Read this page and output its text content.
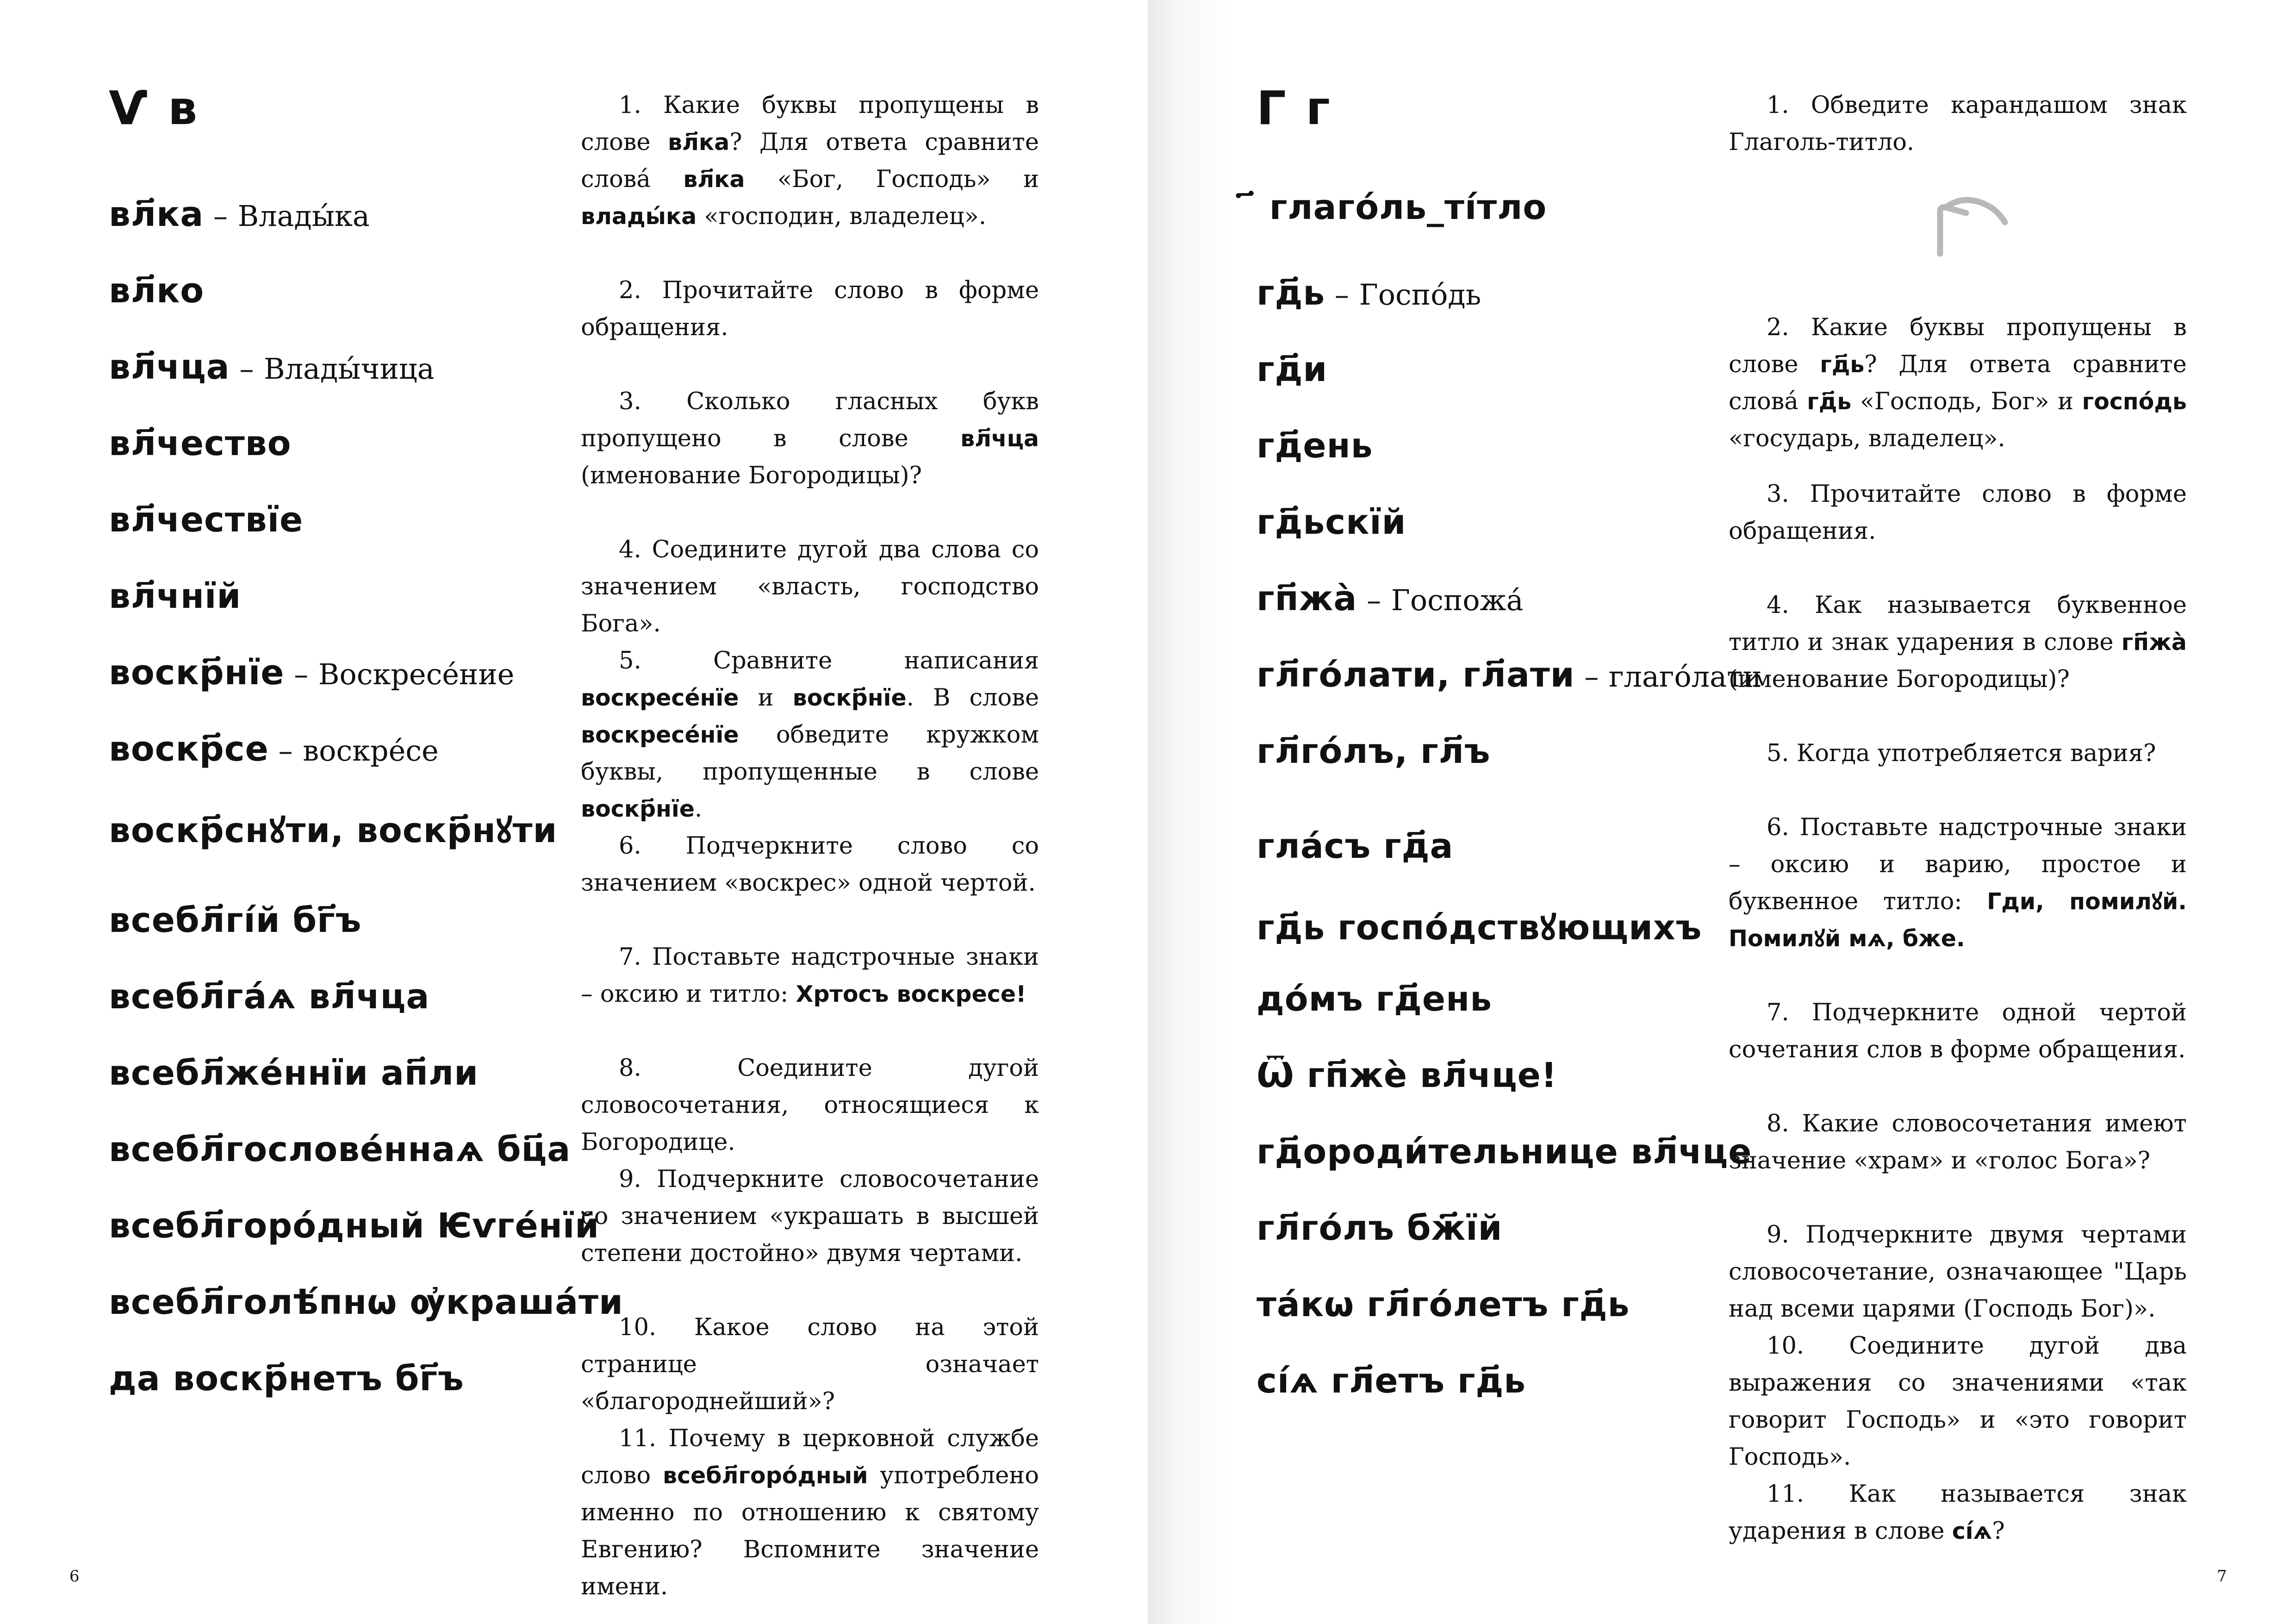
Ѵ в
вл҃ка – Влады́ка
вл҃ко
вл҃чца – Влады́чица
вл҃чество
вл҃чествїе
вл҃чнїй
воскр҃нїе – Воскресе́ние
воскр҃се – воскре́се
воскр҃снꙋти, воскр҃нꙋти
всебл҃гі́й бг҃ъ
всебл҃га́ѧ вл҃чца
всебл҃же́ннїи ап҃ли
всебл҃гослове́ннаѧ бц҃а
всебл҃горо́дный Ѥѵге́нїй
всебл҃голѣ́пнѡ ѹ҆краша́ти
да воскр҃нетъ бг҃ъ

1. Какие буквы пропущены в слове вл҃ка? Для ответа сравните слова́ вл҃ка «Бог, Господь» и влады́ка «господин, владелец».

2. Прочитайте слово в форме обращения.

3. Сколько гласных букв пропущено в слове вл҃чца (именование Богородицы)?

4. Соедините дугой два слова со значением «власть, господство Бога».

5. Сравните написания воскресе́нїе и воскр҃нїе. В слове воскресе́нїе обведите кружком буквы, пропущенные в слове воскр҃нїе.

6. Подчеркните слово со значением «воскрес» одной чертой.

7. Поставьте надстрочные знаки – оксию и титло: Хртосъ воскресе!

8. Соедините дугой словосочетания, относящиеся к Богородице.

9. Подчеркните словосочетание со значением «украшать в высшей степени достойно» двумя чертами.

10. Какое слово на этой странице означает «благороднейший»?

11. Почему в церковной службе слово всебл҃горо́дный употреблено именно по отношению к святому Евгению? Вспомните значение имени.

6
Г г
҃ глаго́ль_ті́тло
гд҃ь – Госпо́дь
гд҃и
гд҃ень
гд҃ьскїй
гп҃жа̀ – Госпожа́
гл҃го́лати, гл҃ати – глаго́лати
гл҃го́лъ, гл҃ъ
гла́съ гд҃а
гд҃ь госпо́дствꙋющихъ
до́мъ гд҃ень
Ѿ гп҃жѐ вл҃чце!
гд҃ороди́тельнице вл҃чце
гл҃го́лъ бж҃їй
та́кѡ гл҃го́летъ гд҃ь
сі́ѧ гл҃етъ гд҃ь

1. Обведите карандашом знак Глаголь-титло.

2. Какие буквы пропущены в слове гд҃ь? Для ответа сравните слова́ гд҃ь «Господь, Бог» и госпо́дь «государь, владелец».

3. Прочитайте слово в форме обращения.

4. Как называется буквенное титло и знак ударения в слове гп҃жа̀ (именование Богородицы)?

5. Когда употребляется вария?

6. Поставьте надстрочные знаки – оксию и варию, простое и буквенное титло: Гди, помилꙋй. Помилꙋй мѧ, бже.

7. Подчеркните одной чертой сочетания слов в форме обращения.

8. Какие словосочетания имеют значение «храм» и «голос Бога»?

9. Подчеркните двумя чертами словосочетание, означающее "Царь над всеми царями (Господь Бог)».

10. Соедините дугой два выражения со значениями «так говорит Господь» и «это говорит Господь».

11. Как называется знак ударения в слове сі́ѧ?

7
